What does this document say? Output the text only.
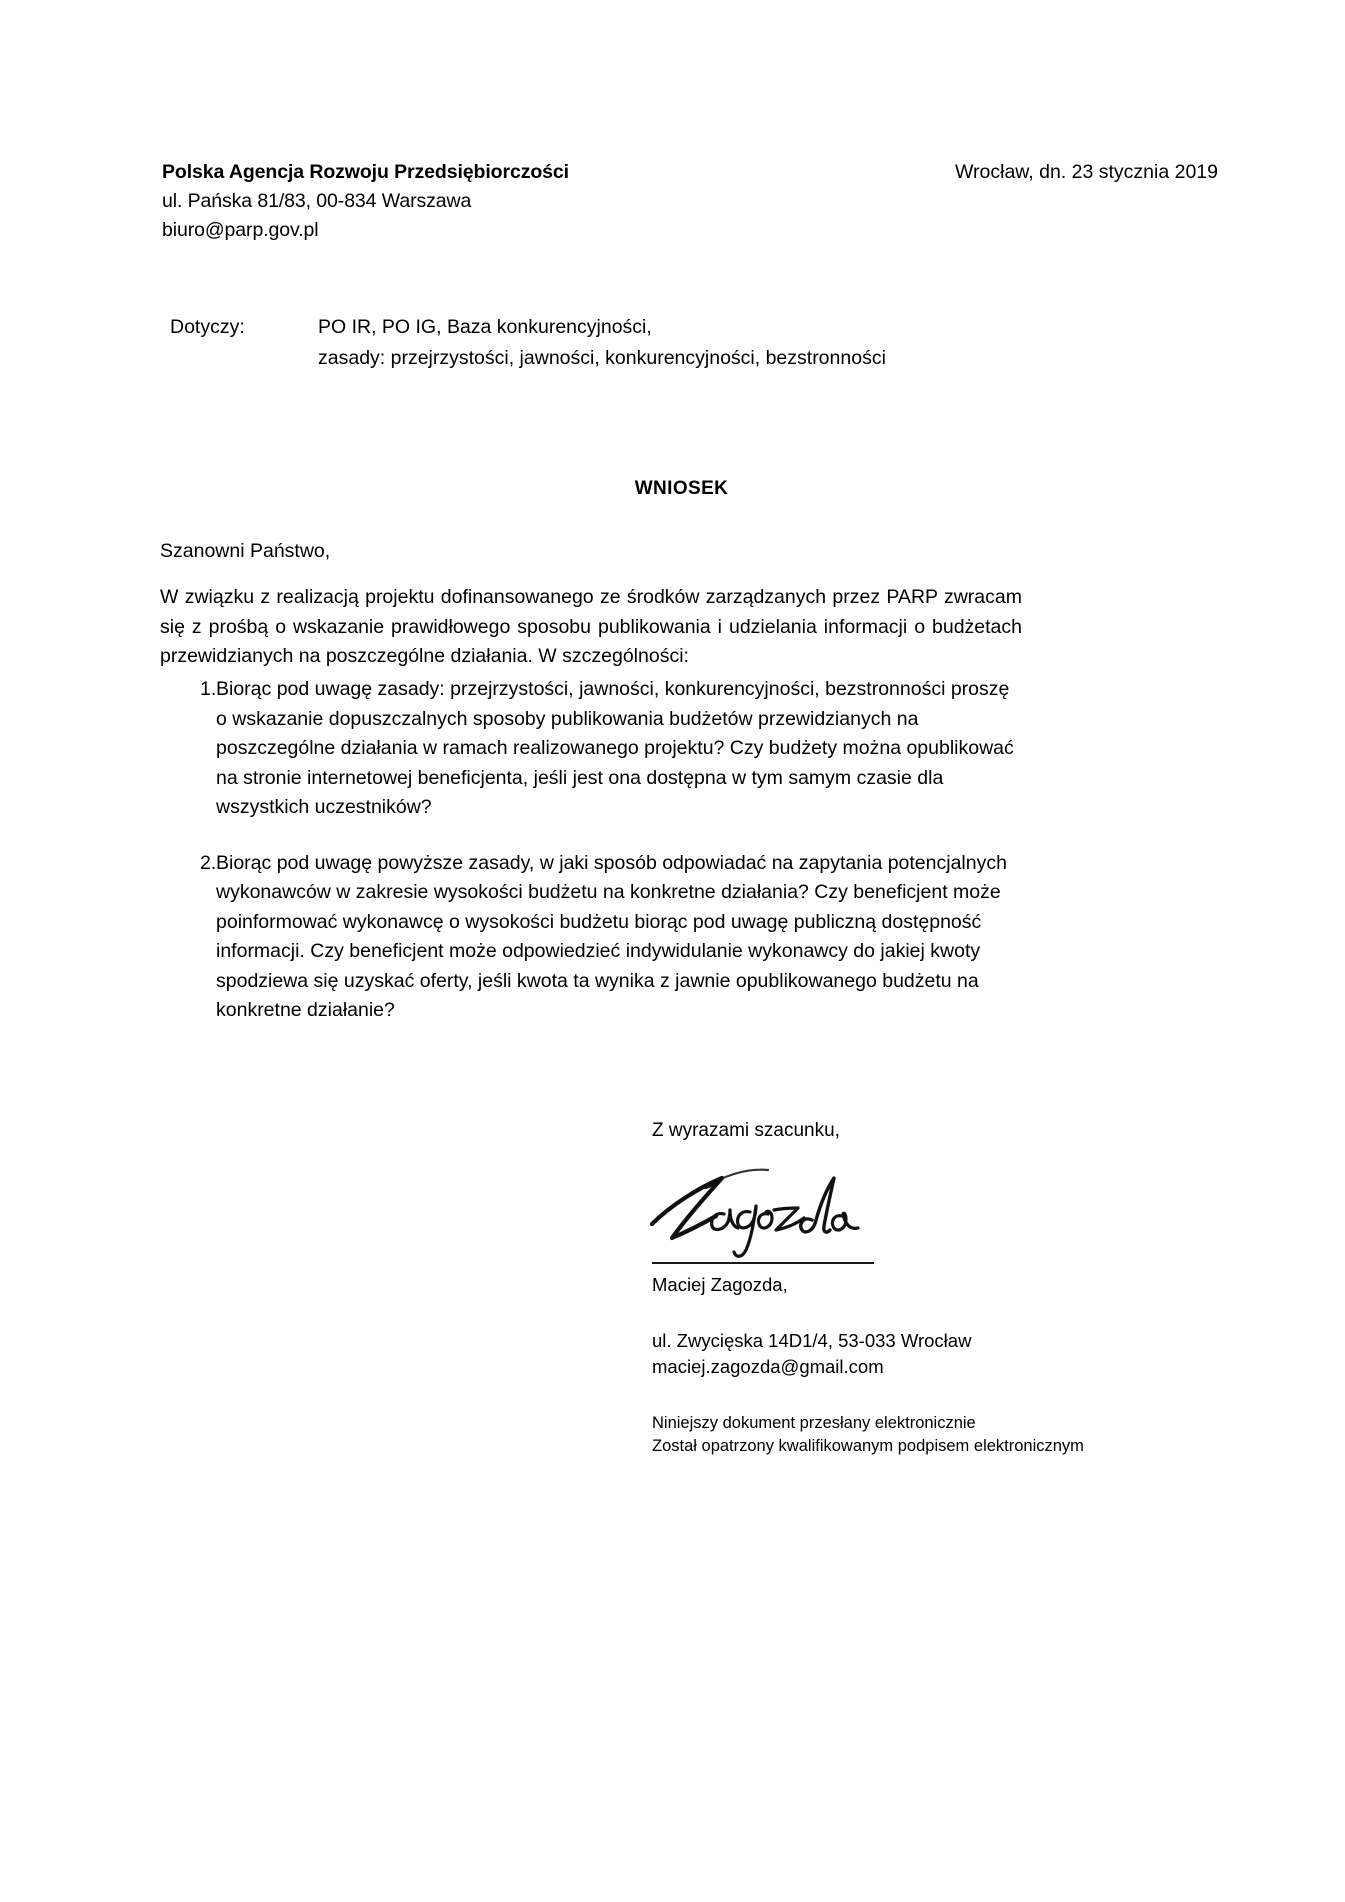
Polska Agencja Rozwoju Przedsiębiorczości
ul. Pańska 81/83, 00-834 Warszawa
biuro@parp.gov.pl
Wrocław, dn. 23 stycznia 2019
Dotyczy:	PO IR, PO IG, Baza konkurencyjności,
zasady: przejrzystości, jawności, konkurencyjności, bezstronności
WNIOSEK
Szanowni Państwo,
W związku z realizacją projektu dofinansowanego ze środków zarządzanych przez PARP zwracam się z prośbą o wskazanie prawidłowego sposobu publikowania i udzielania informacji o budżetach przewidzianych na poszczególne działania. W szczególności:
1. Biorąc pod uwagę zasady: przejrzystości, jawności, konkurencyjności, bezstronności proszę o wskazanie dopuszczalnych sposoby publikowania budżetów przewidzianych na poszczególne działania w ramach realizowanego projektu? Czy budżety można opublikować na stronie internetowej beneficjenta, jeśli jest ona dostępna w tym samym czasie dla wszystkich uczestników?
2. Biorąc pod uwagę powyższe zasady, w jaki sposób odpowiadać na zapytania potencjalnych wykonawców w zakresie wysokości budżetu na konkretne działania? Czy beneficjent może poinformować wykonawcę o wysokości budżetu biorąc pod uwagę publiczną dostępność informacji. Czy beneficjent może odpowiedzieć indywidulanie wykonawcy do jakiej kwoty spodziewa się uzyskać oferty, jeśli kwota ta wynika z jawnie opublikowanego budżetu na konkretne działanie?
Z wyrazami szacunku,
Maciej Zagozda,
ul. Zwycięska 14D1/4, 53-033 Wrocław
maciej.zagozda@gmail.com
Niniejszy dokument przesłany elektronicznie
Został opatrzony kwalifikowanym podpisem elektronicznym
